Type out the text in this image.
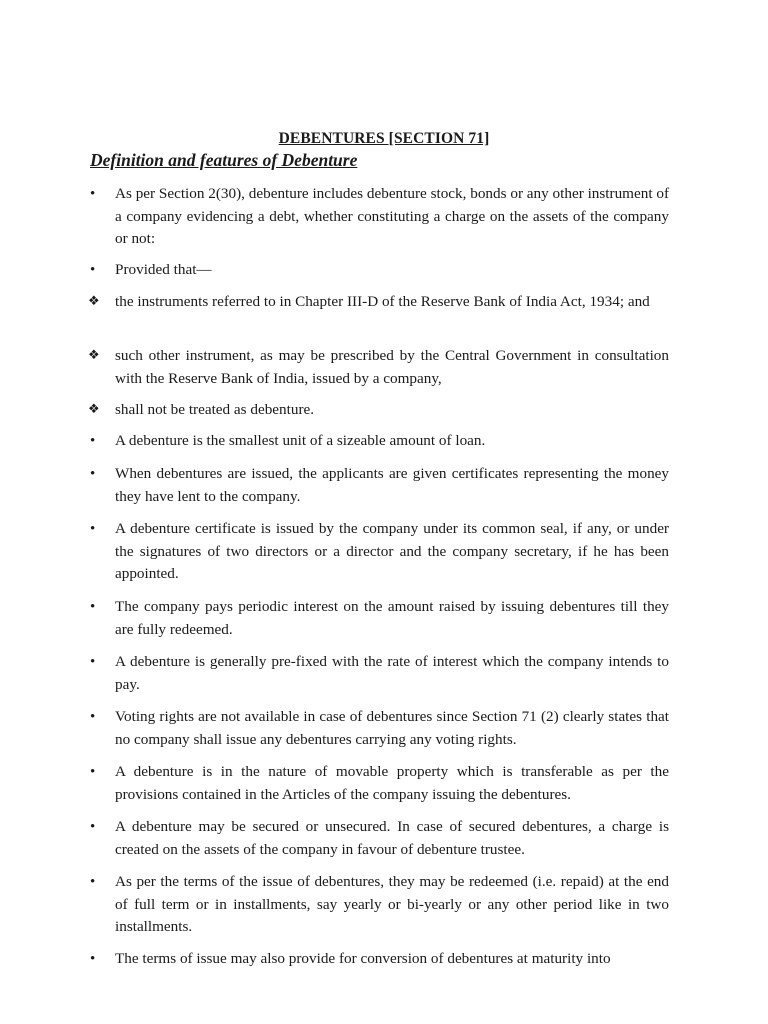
DEBENTURES [SECTION 71]
Definition and features of Debenture
•	As per Section 2(30), debenture includes debenture stock, bonds or any other instrument of a company evidencing a debt, whether constituting a charge on the assets of the company or not:
•	Provided that—
❖	the instruments referred to in Chapter III-D of the Reserve Bank of India Act, 1934; and
❖	such other instrument, as may be prescribed by the Central Government in consultation with the Reserve Bank of India, issued by a company,
❖	shall not be treated as debenture.
•	A debenture is the smallest unit of a sizeable amount of loan.
•	When debentures are issued, the applicants are given certificates representing the money they have lent to the company.
•	A debenture certificate is issued by the company under its common seal, if any, or under the signatures of two directors or a director and the company secretary, if he has been appointed.
•	The company pays periodic interest on the amount raised by issuing debentures till they are fully redeemed.
•	A debenture is generally pre-fixed with the rate of interest which the company intends to pay.
•	Voting rights are not available in case of debentures since Section 71 (2) clearly states that no company shall issue any debentures carrying any voting rights.
•	A debenture is in the nature of movable property which is transferable as per the provisions contained in the Articles of the company issuing the debentures.
•	A debenture may be secured or unsecured. In case of secured debentures, a charge is created on the assets of the company in favour of debenture trustee.
•	As per the terms of the issue of debentures, they may be redeemed (i.e. repaid) at the end of full term or in installments, say yearly or bi-yearly or any other period like in two installments.
•	The terms of issue may also provide for conversion of debentures at maturity into
